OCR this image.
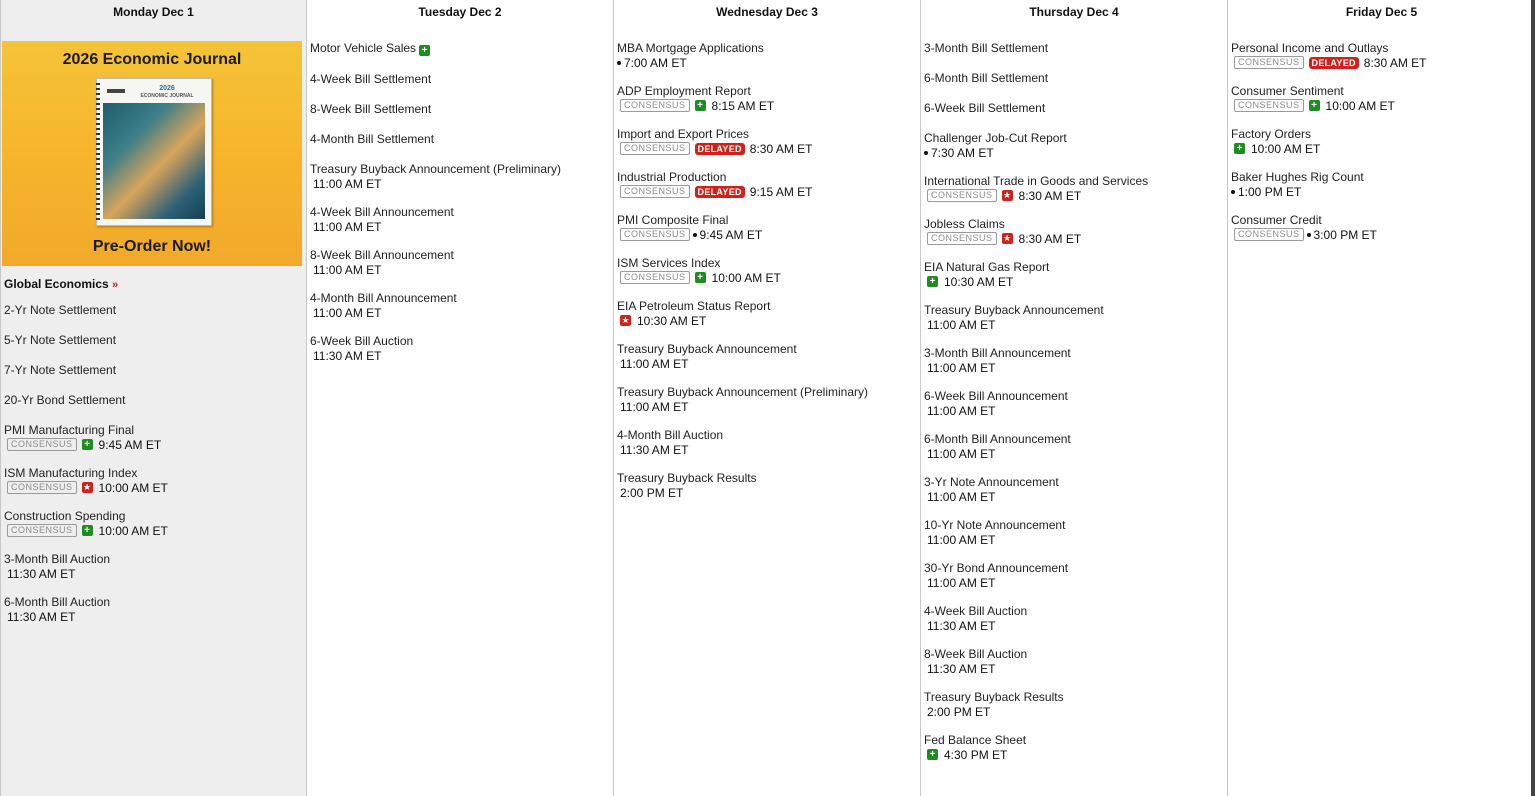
Monday Dec 1
2026 Economic Journal
2026
ECONOMIC JOURNAL
Pre-Order Now!
Global Economics »
2-Yr Note Settlement
5-Yr Note Settlement
7-Yr Note Settlement
20-Yr Bond Settlement
PMI Manufacturing Final
CONSENSUS	+ 9:45 AM ET
ISM Manufacturing Index
CONSENSUS	★ 10:00 AM ET
Construction Spending
CONSENSUS	+ 10:00 AM ET
3-Month Bill Auction
11:30 AM ET
6-Month Bill Auction
11:30 AM ET
Tuesday Dec 2
Motor Vehicle Sales +
4-Week Bill Settlement
8-Week Bill Settlement
4-Month Bill Settlement
Treasury Buyback Announcement (Preliminary)
11:00 AM ET
4-Week Bill Announcement
11:00 AM ET
8-Week Bill Announcement
11:00 AM ET
4-Month Bill Announcement
11:00 AM ET
6-Week Bill Auction
11:30 AM ET
Wednesday Dec 3
MBA Mortgage Applications
7:00 AM ET
ADP Employment Report
CONSENSUS	+ 8:15 AM ET
Import and Export Prices
CONSENSUS	DELAYED 8:30 AM ET
Industrial Production
CONSENSUS	DELAYED 9:15 AM ET
PMI Composite Final
CONSENSUS	9:45 AM ET
ISM Services Index
CONSENSUS	+ 10:00 AM ET
EIA Petroleum Status Report
★ 10:30 AM ET
Treasury Buyback Announcement
11:00 AM ET
Treasury Buyback Announcement (Preliminary)
11:00 AM ET
4-Month Bill Auction
11:30 AM ET
Treasury Buyback Results
2:00 PM ET
Thursday Dec 4
3-Month Bill Settlement
6-Month Bill Settlement
6-Week Bill Settlement
Challenger Job-Cut Report
7:30 AM ET
International Trade in Goods and Services
CONSENSUS	★ 8:30 AM ET
Jobless Claims
CONSENSUS	★ 8:30 AM ET
EIA Natural Gas Report
+ 10:30 AM ET
Treasury Buyback Announcement
11:00 AM ET
3-Month Bill Announcement
11:00 AM ET
6-Week Bill Announcement
11:00 AM ET
6-Month Bill Announcement
11:00 AM ET
3-Yr Note Announcement
11:00 AM ET
10-Yr Note Announcement
11:00 AM ET
30-Yr Bond Announcement
11:00 AM ET
4-Week Bill Auction
11:30 AM ET
8-Week Bill Auction
11:30 AM ET
Treasury Buyback Results
2:00 PM ET
Fed Balance Sheet
+ 4:30 PM ET
Friday Dec 5
Personal Income and Outlays
CONSENSUS	DELAYED 8:30 AM ET
Consumer Sentiment
CONSENSUS	+ 10:00 AM ET
Factory Orders
+ 10:00 AM ET
Baker Hughes Rig Count
1:00 PM ET
Consumer Credit
CONSENSUS	3:00 PM ET
